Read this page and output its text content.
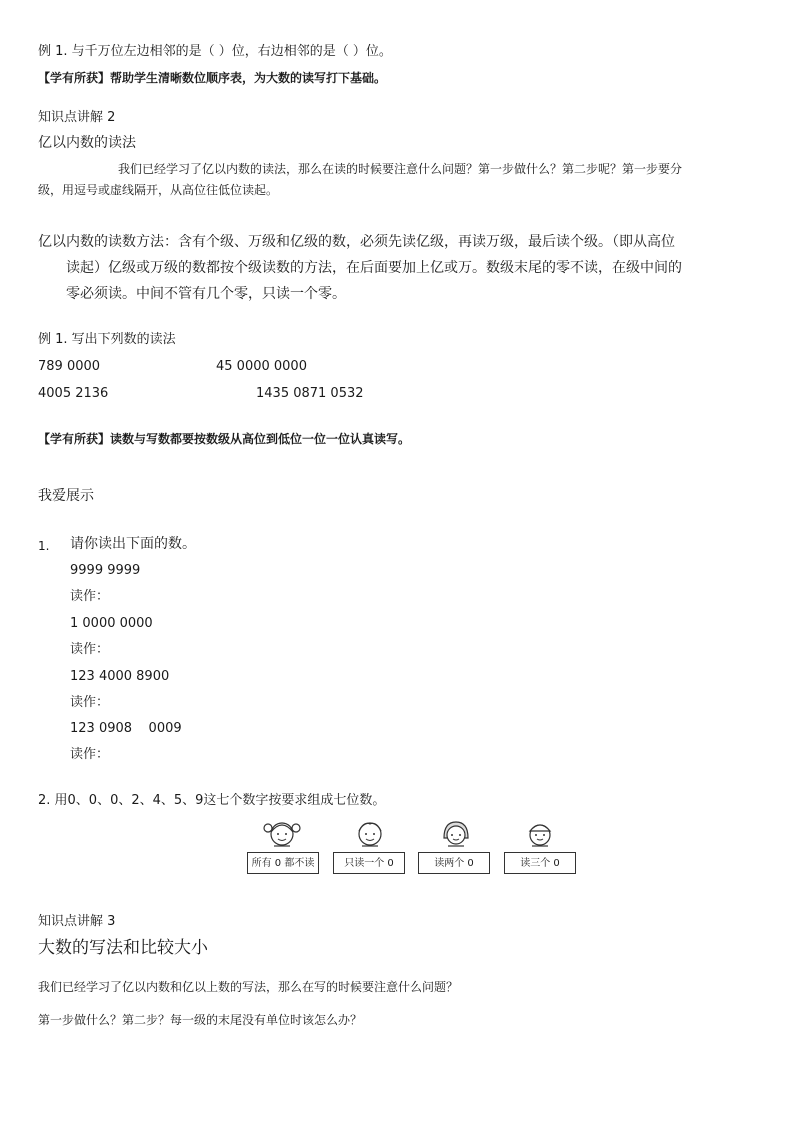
例 1. 与千万位左边相邻的是（ ）位，右边相邻的是（ ）位。
【学有所获】帮助学生清晰数位顺序表，为大数的读写打下基础。
知识点讲解 2
亿以内数的读法
我们已经学习了亿以内数的读法，那么在读的时候要注意什么问题？第一步做什么？第二步呢？第一步要分
级，用逗号或虚线隔开，从高位往低位读起。
亿以内数的读数方法：含有个级、万级和亿级的数，必须先读亿级，再读万级，最后读个级。（即从高位
读起）亿级或万级的数都按个级读数的方法，在后面要加上亿或万。数级末尾的零不读，在级中间的
零必须读。中间不管有几个零，只读一个零。
例 1. 写出下列数的读法
789 0000	45 0000 0000
4005 2136	1435 0871 0532
【学有所获】读数与写数都要按数级从高位到低位一位一位认真读写。
我爱展示
1. 请你读出下面的数。
9999 9999
读作：
1 0000 0000
读作：
123 4000 8900
读作：
123 0908    0009
读作：
2. 用0、0、0、2、4、5、9这七个数字按要求组成七位数。
所有 0 都不读	只读一个 0	读两个 0	读三个 0
知识点讲解 3
大数的写法和比较大小
我们已经学习了亿以内数和亿以上数的写法，那么在写的时候要注意什么问题？
第一步做什么？第二步？每一级的末尾没有单位时该怎么办？
